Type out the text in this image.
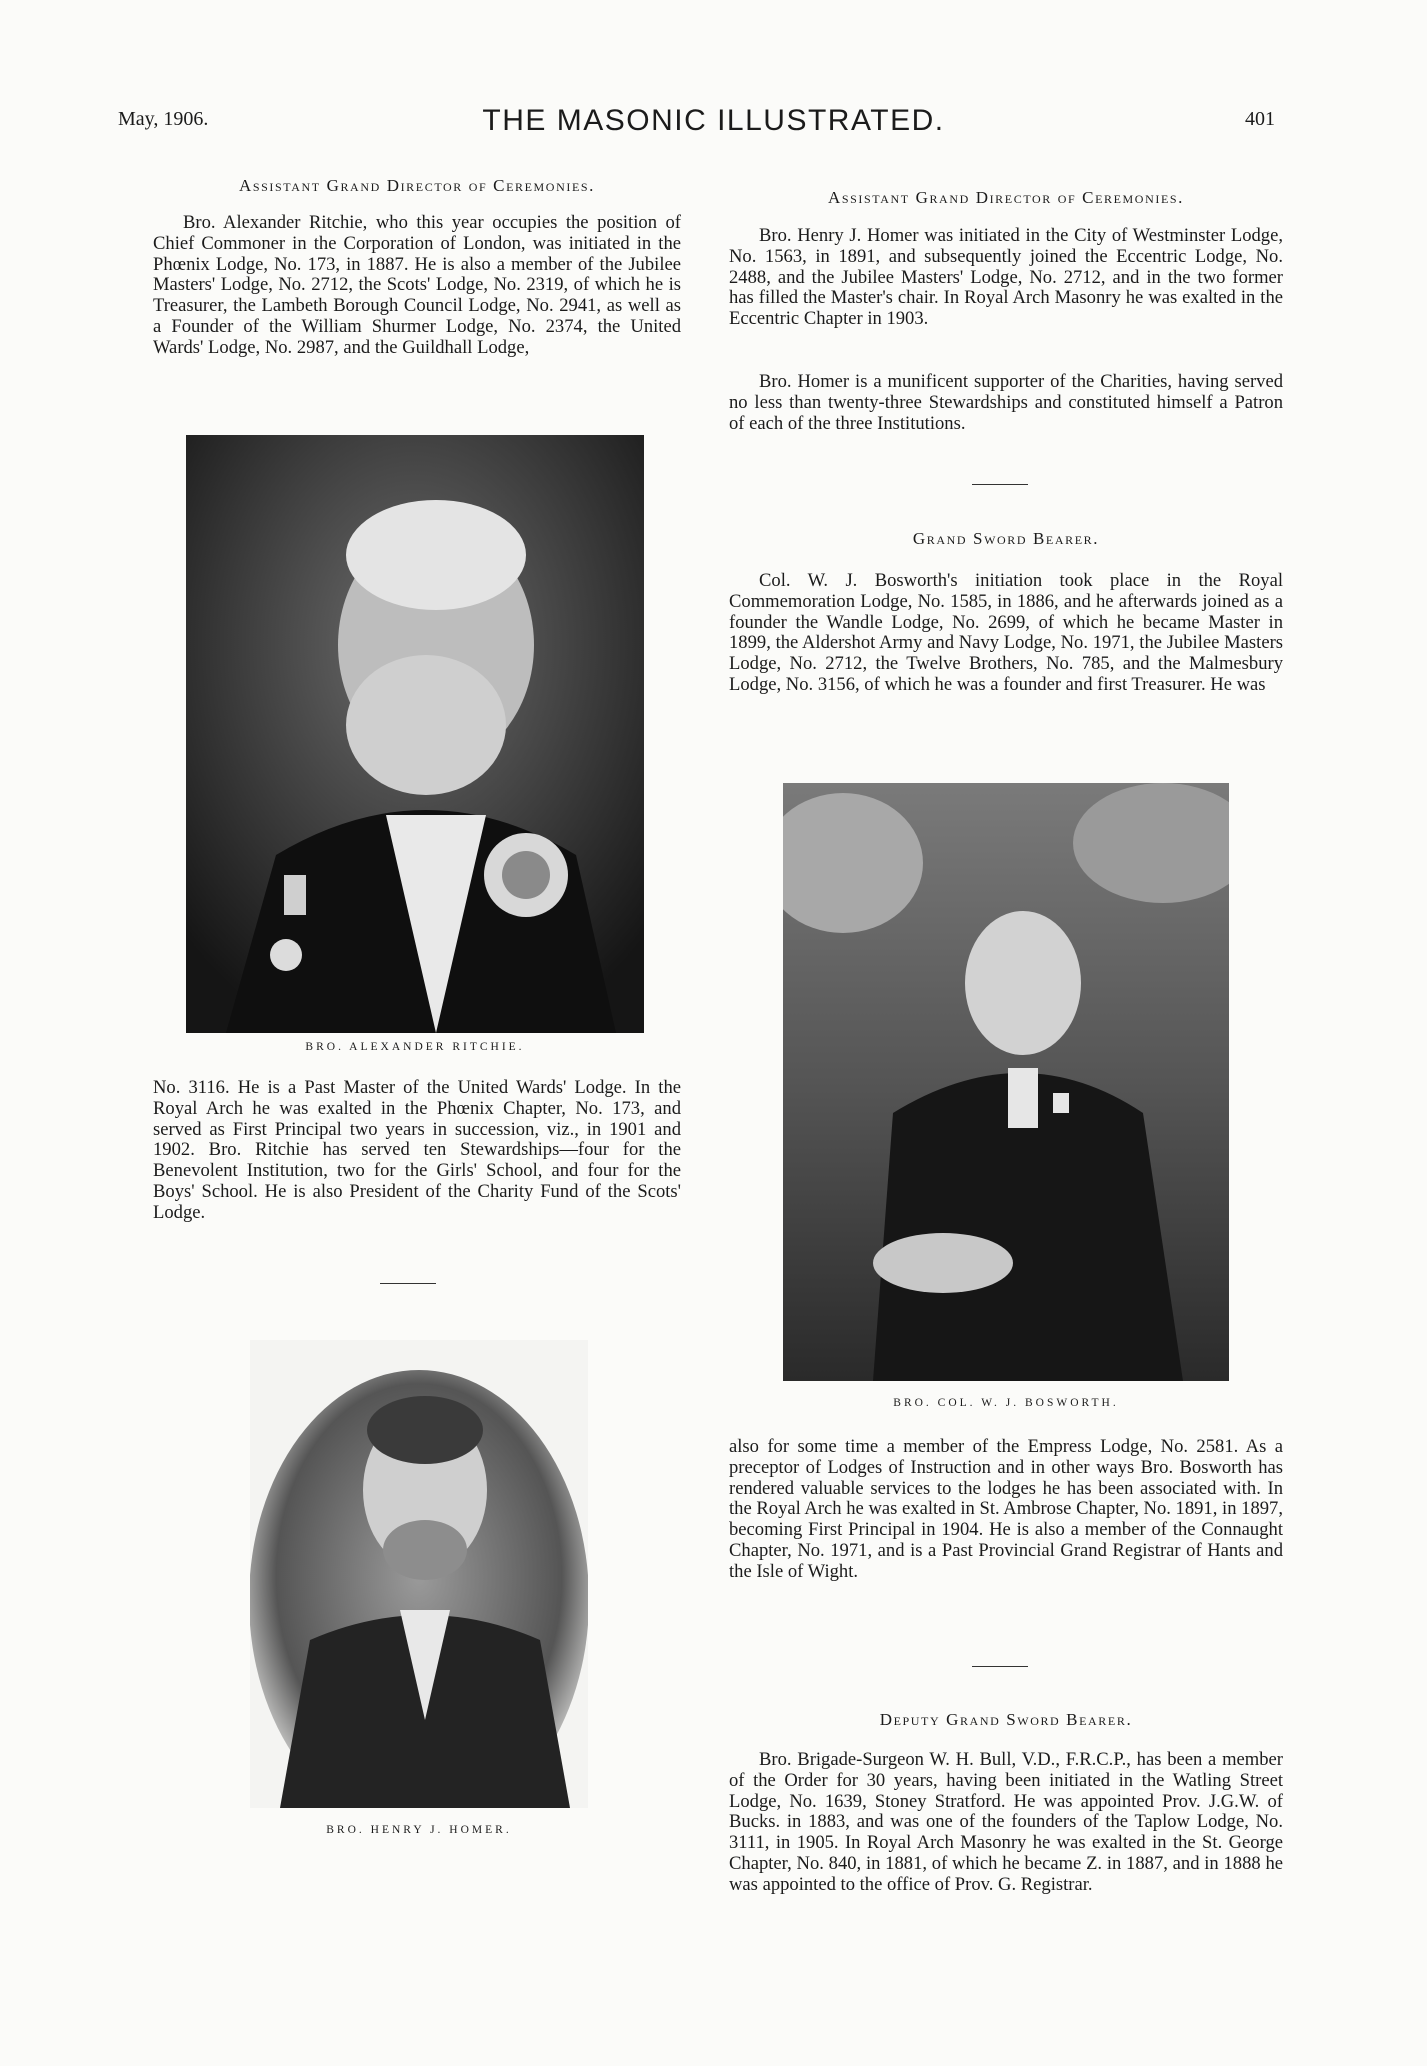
May, 1906.	THE MASONIC ILLUSTRATED.	401
Assistant Grand Director of Ceremonies.

Bro. Alexander Ritchie, who this year occupies the position of Chief Commoner in the Corporation of London, was initiated in the Phœnix Lodge, No. 173, in 1887. He is also a member of the Jubilee Masters' Lodge, No. 2712, the Scots' Lodge, No. 2319, of which he is Treasurer, the Lambeth Borough Council Lodge, No. 2941, as well as a Founder of the William Shurmer Lodge, No. 2374, the United Wards' Lodge, No. 2987, and the Guildhall Lodge,

BRO. ALEXANDER RITCHIE.

No. 3116. He is a Past Master of the United Wards' Lodge. In the Royal Arch he was exalted in the Phœnix Chapter, No. 173, and served as First Principal two years in succession, viz., in 1901 and 1902. Bro. Ritchie has served ten Stewardships—four for the Benevolent Institution, two for the Girls' School, and four for the Boys' School. He is also President of the Charity Fund of the Scots' Lodge.

BRO. HENRY J. HOMER.
Assistant Grand Director of Ceremonies.

Bro. Henry J. Homer was initiated in the City of Westminster Lodge, No. 1563, in 1891, and subsequently joined the Eccentric Lodge, No. 2488, and the Jubilee Masters' Lodge, No. 2712, and in the two former has filled the Master's chair. In Royal Arch Masonry he was exalted in the Eccentric Chapter in 1903.

Bro. Homer is a munificent supporter of the Charities, having served no less than twenty-three Stewardships and constituted himself a Patron of each of the three Institutions.

Grand Sword Bearer.

Col. W. J. Bosworth's initiation took place in the Royal Commemoration Lodge, No. 1585, in 1886, and he afterwards joined as a founder the Wandle Lodge, No. 2699, of which he became Master in 1899, the Aldershot Army and Navy Lodge, No. 1971, the Jubilee Masters Lodge, No. 2712, the Twelve Brothers, No. 785, and the Malmesbury Lodge, No. 3156, of which he was a founder and first Treasurer. He was

BRO. COL. W. J. BOSWORTH.

also for some time a member of the Empress Lodge, No. 2581. As a preceptor of Lodges of Instruction and in other ways Bro. Bosworth has rendered valuable services to the lodges he has been associated with. In the Royal Arch he was exalted in St. Ambrose Chapter, No. 1891, in 1897, becoming First Principal in 1904. He is also a member of the Connaught Chapter, No. 1971, and is a Past Provincial Grand Registrar of Hants and the Isle of Wight.

Deputy Grand Sword Bearer.

Bro. Brigade-Surgeon W. H. Bull, V.D., F.R.C.P., has been a member of the Order for 30 years, having been initiated in the Watling Street Lodge, No. 1639, Stoney Stratford. He was appointed Prov. J.G.W. of Bucks. in 1883, and was one of the founders of the Taplow Lodge, No. 3111, in 1905. In Royal Arch Masonry he was exalted in the St. George Chapter, No. 840, in 1881, of which he became Z. in 1887, and in 1888 he was appointed to the office of Prov. G. Registrar.
